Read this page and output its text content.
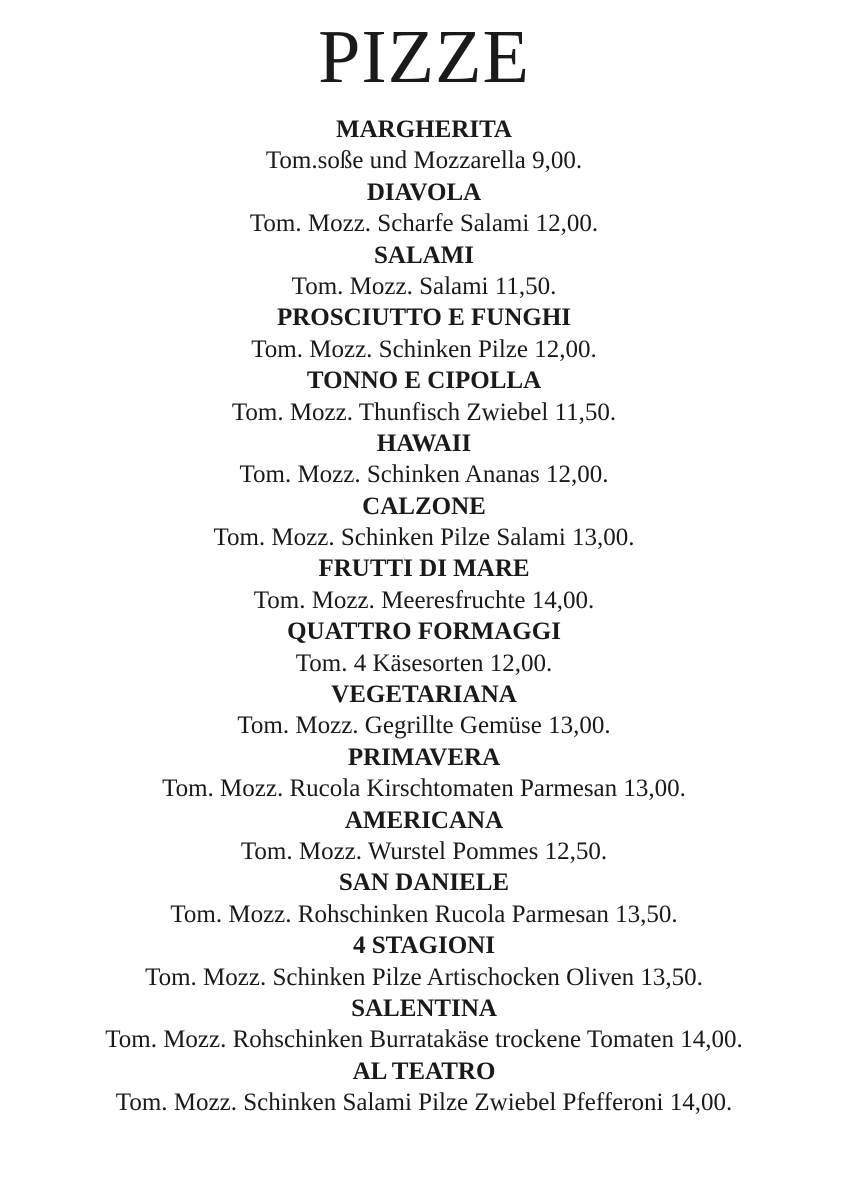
PIZZE
MARGHERITA
Tom.soße und Mozzarella 9,00.
DIAVOLA
Tom. Mozz. Scharfe Salami 12,00.
SALAMI
Tom. Mozz. Salami 11,50.
PROSCIUTTO E FUNGHI
Tom. Mozz. Schinken Pilze 12,00.
TONNO E CIPOLLA
Tom. Mozz. Thunfisch Zwiebel 11,50.
HAWAII
Tom. Mozz. Schinken Ananas 12,00.
CALZONE
Tom. Mozz. Schinken Pilze Salami 13,00.
FRUTTI DI MARE
Tom. Mozz. Meeresfruchte 14,00.
QUATTRO FORMAGGI
Tom. 4 Käsesorten 12,00.
VEGETARIANA
Tom. Mozz. Gegrillte Gemüse 13,00.
PRIMAVERA
Tom. Mozz. Rucola Kirschtomaten Parmesan 13,00.
AMERICANA
Tom. Mozz. Wurstel Pommes 12,50.
SAN DANIELE
Tom. Mozz. Rohschinken Rucola Parmesan 13,50.
4 STAGIONI
Tom. Mozz. Schinken Pilze Artischocken Oliven 13,50.
SALENTINA
Tom. Mozz. Rohschinken Burratakäse trockene Tomaten 14,00.
AL TEATRO
Tom. Mozz. Schinken Salami Pilze Zwiebel Pfefferoni 14,00.
